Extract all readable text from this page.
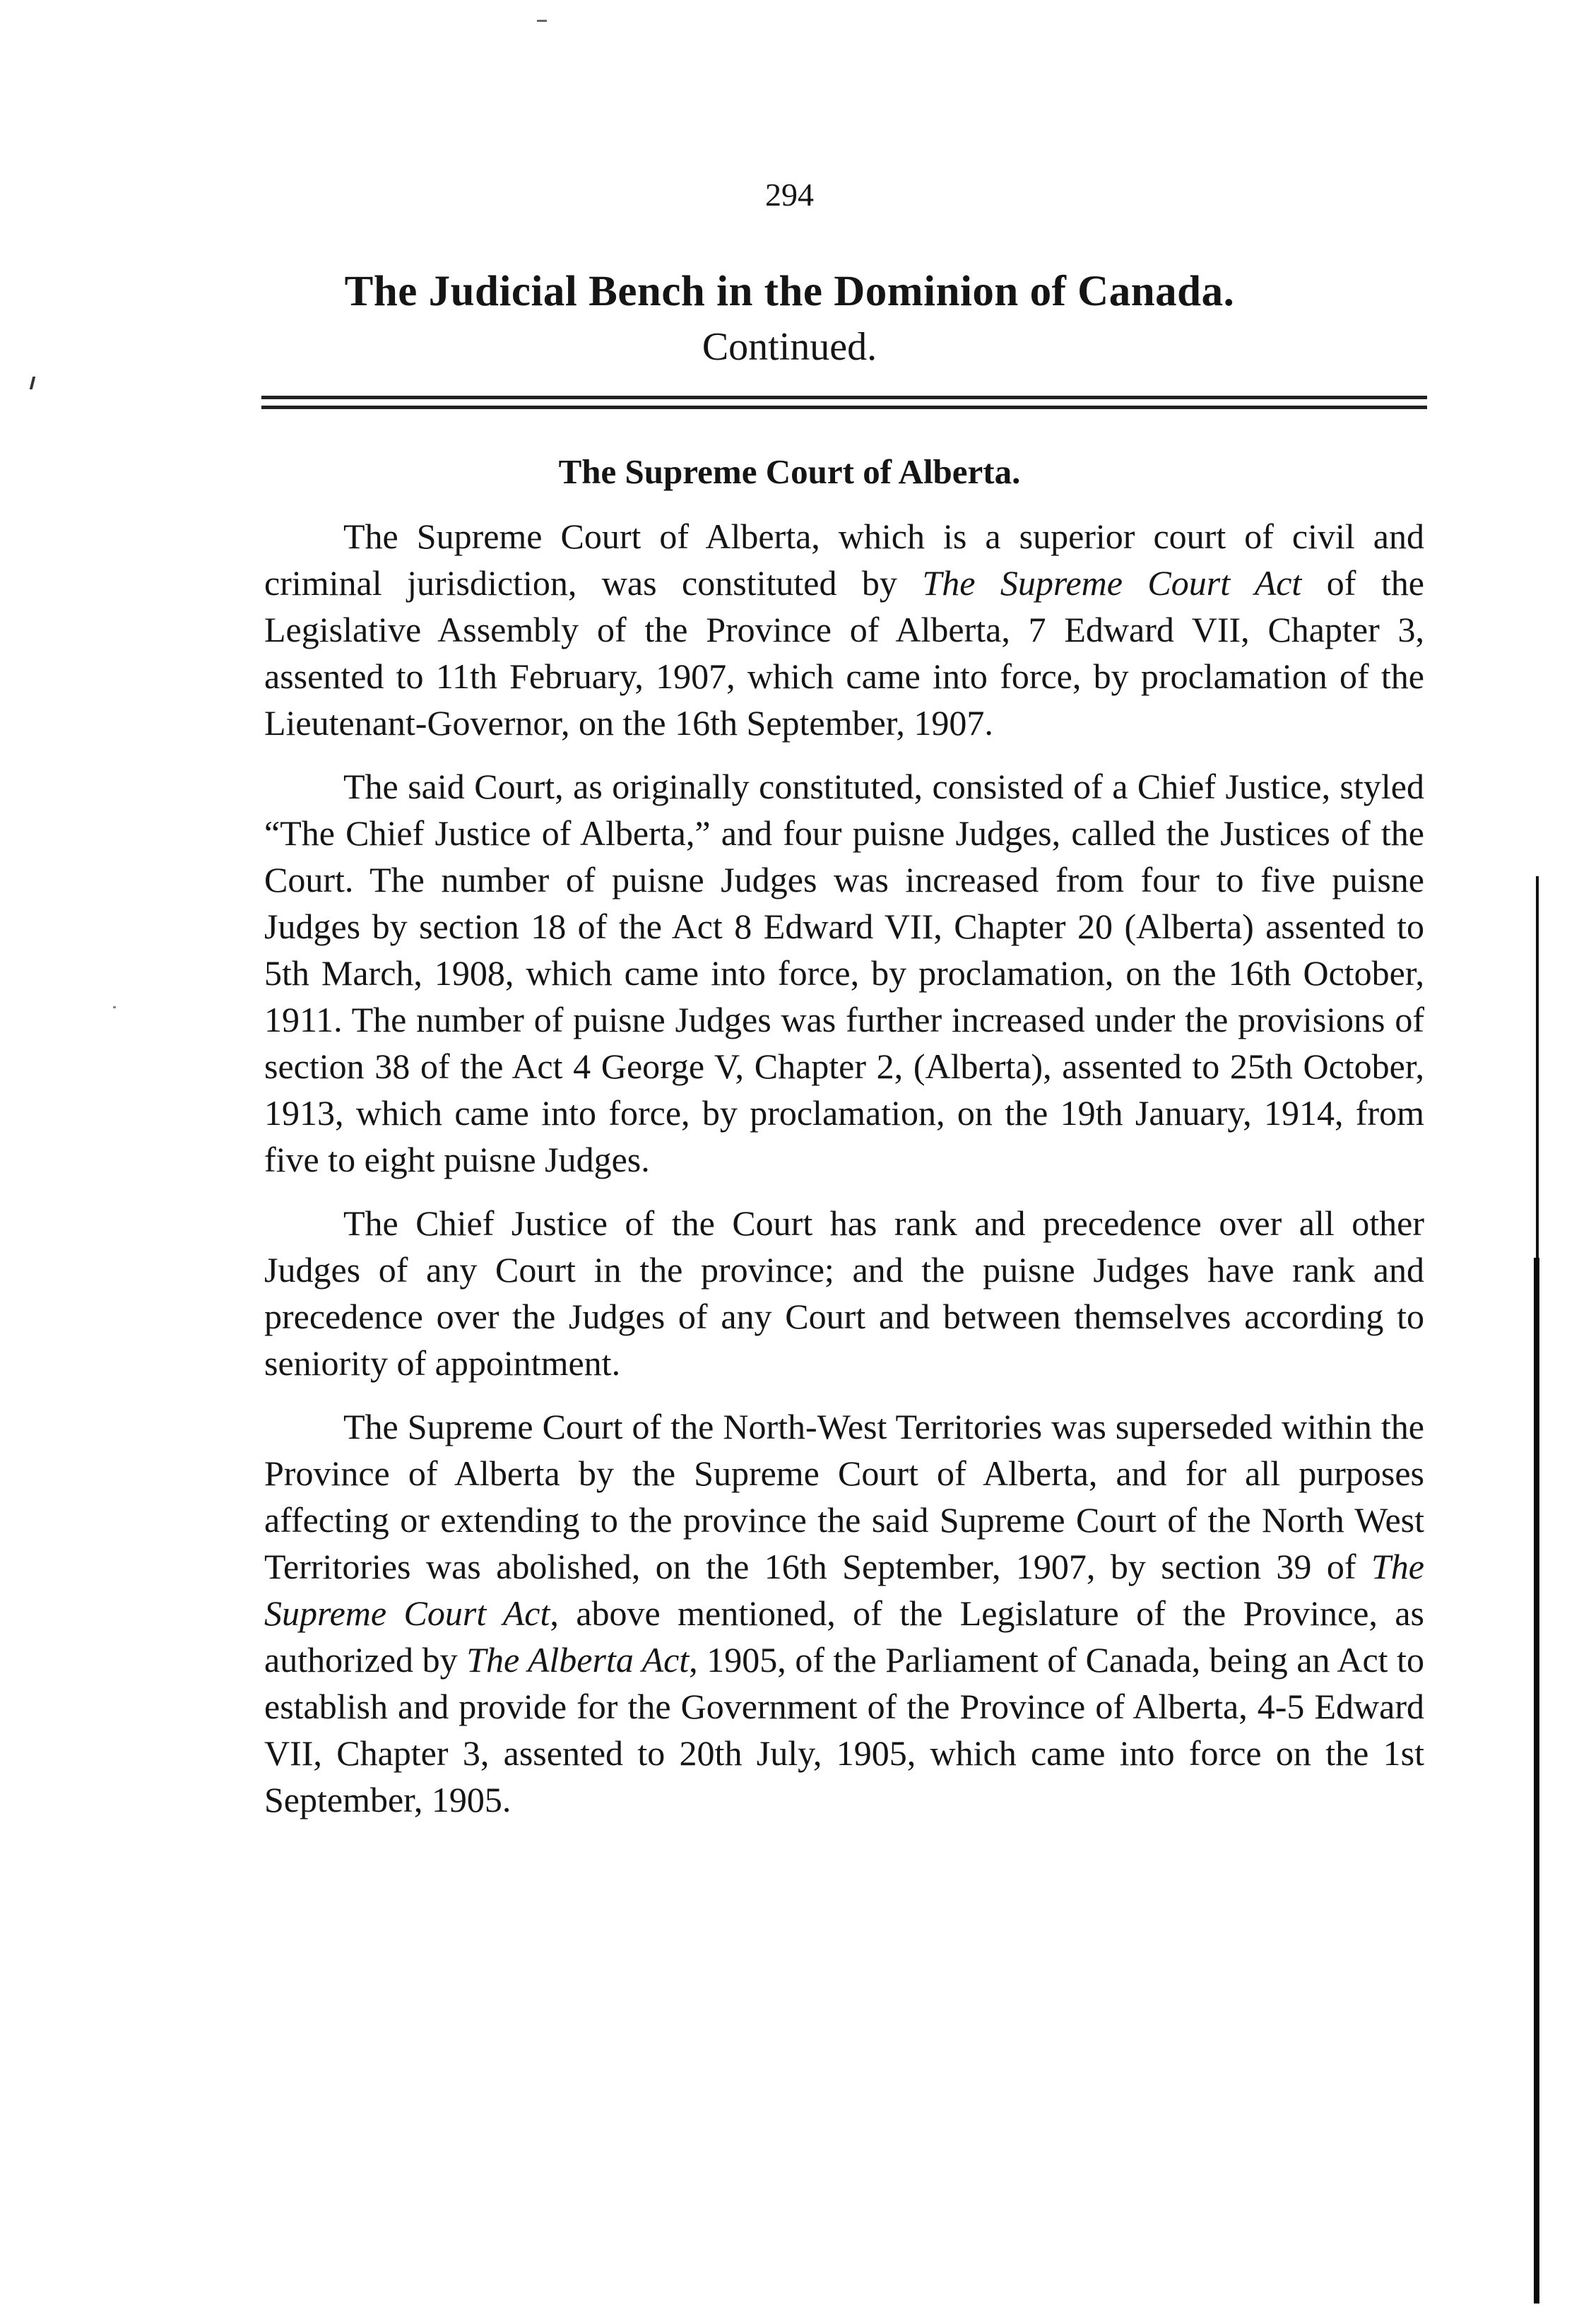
294
The Judicial Bench in the Dominion of Canada.
Continued.
The Supreme Court of Alberta.

The Supreme Court of Alberta, which is a superior court of civil and criminal jurisdiction, was constituted by The Supreme Court Act of the Legislative Assembly of the Province of Alberta, 7 Edward VII, Chapter 3, assented to 11th February, 1907, which came into force, by proclamation of the Lieutenant-Governor, on the 16th September, 1907.

The said Court, as originally constituted, consisted of a Chief Justice, styled “The Chief Justice of Alberta,” and four puisne Judges, called the Justices of the Court. The number of puisne Judges was increased from four to five puisne Judges by section 18 of the Act 8 Edward VII, Chapter 20 (Alberta) assented to 5th March, 1908, which came into force, by proclamation, on the 16th October, 1911. The number of puisne Judges was further increased under the provisions of section 38 of the Act 4 George V, Chapter 2, (Alberta), assented to 25th October, 1913, which came into force, by proclamation, on the 19th January, 1914, from five to eight puisne Judges.

The Chief Justice of the Court has rank and precedence over all other Judges of any Court in the province; and the puisne Judges have rank and precedence over the Judges of any Court and between themselves according to seniority of appointment.

The Supreme Court of the North-West Territories was superseded within the Province of Alberta by the Supreme Court of Alberta, and for all purposes affecting or extending to the province the said Supreme Court of the North West Territories was abolished, on the 16th September, 1907, by section 39 of The Supreme Court Act, above mentioned, of the Legislature of the Province, as authorized by The Alberta Act, 1905, of the Parliament of Canada, being an Act to establish and provide for the Government of the Province of Alberta, 4-5 Edward VII, Chapter 3, assented to 20th July, 1905, which came into force on the 1st September, 1905.
